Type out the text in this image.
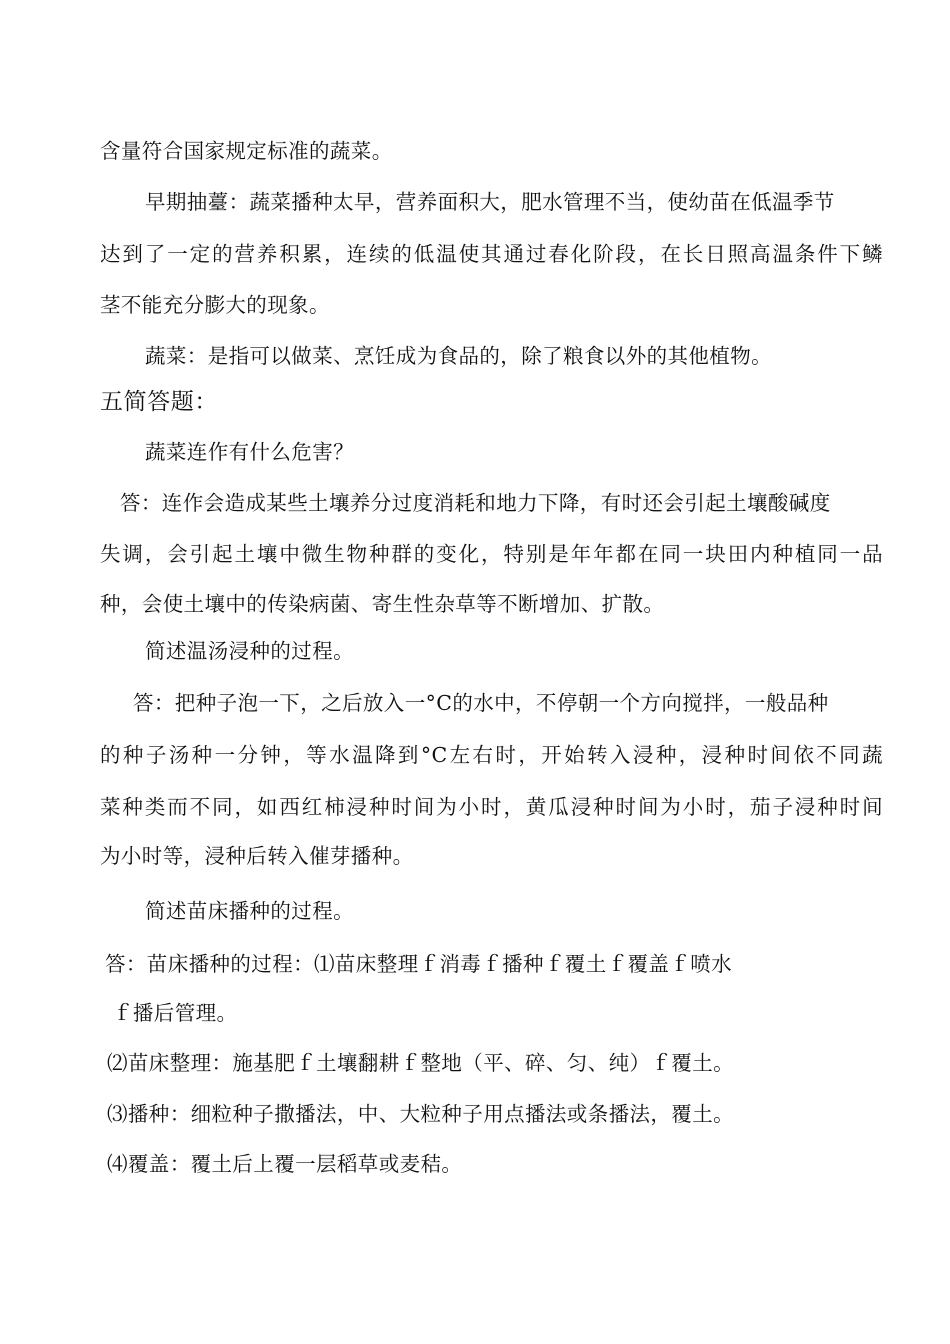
含量符合国家规定标准的蔬菜。
早期抽薹：蔬菜播种太早，营养面积大，肥水管理不当，使幼苗在低温季节
达到了一定的营养积累，连续的低温使其通过春化阶段，在长日照高温条件下鳞
茎不能充分膨大的现象。
蔬菜：是指可以做菜、烹饪成为食品的，除了粮食以外的其他植物。
五简答题：
蔬菜连作有什么危害？
答：连作会造成某些土壤养分过度消耗和地力下降，有时还会引起土壤酸碱度
失调，会引起土壤中微生物种群的变化，特别是年年都在同一块田内种植同一品
种，会使土壤中的传染病菌、寄生性杂草等不断增加、扩散。
简述温汤浸种的过程。
答：把种子泡一下，之后放入一°C的水中，不停朝一个方向搅拌，一般品种
的种子汤种一分钟，等水温降到°C左右时，开始转入浸种，浸种时间依不同蔬
菜种类而不同，如西红柿浸种时间为小时，黄瓜浸种时间为小时，茄子浸种时间
为小时等，浸种后转入催芽播种。
简述苗床播种的过程。
答：苗床播种的过程：⑴苗床整理ｆ消毒ｆ播种ｆ覆土ｆ覆盖ｆ喷水
ｆ播后管理。
⑵苗床整理：施基肥ｆ土壤翻耕ｆ整地（平、碎、匀、纯）ｆ覆土。
⑶播种：细粒种子撒播法，中、大粒种子用点播法或条播法，覆土。
⑷覆盖：覆土后上覆一层稻草或麦秸。
